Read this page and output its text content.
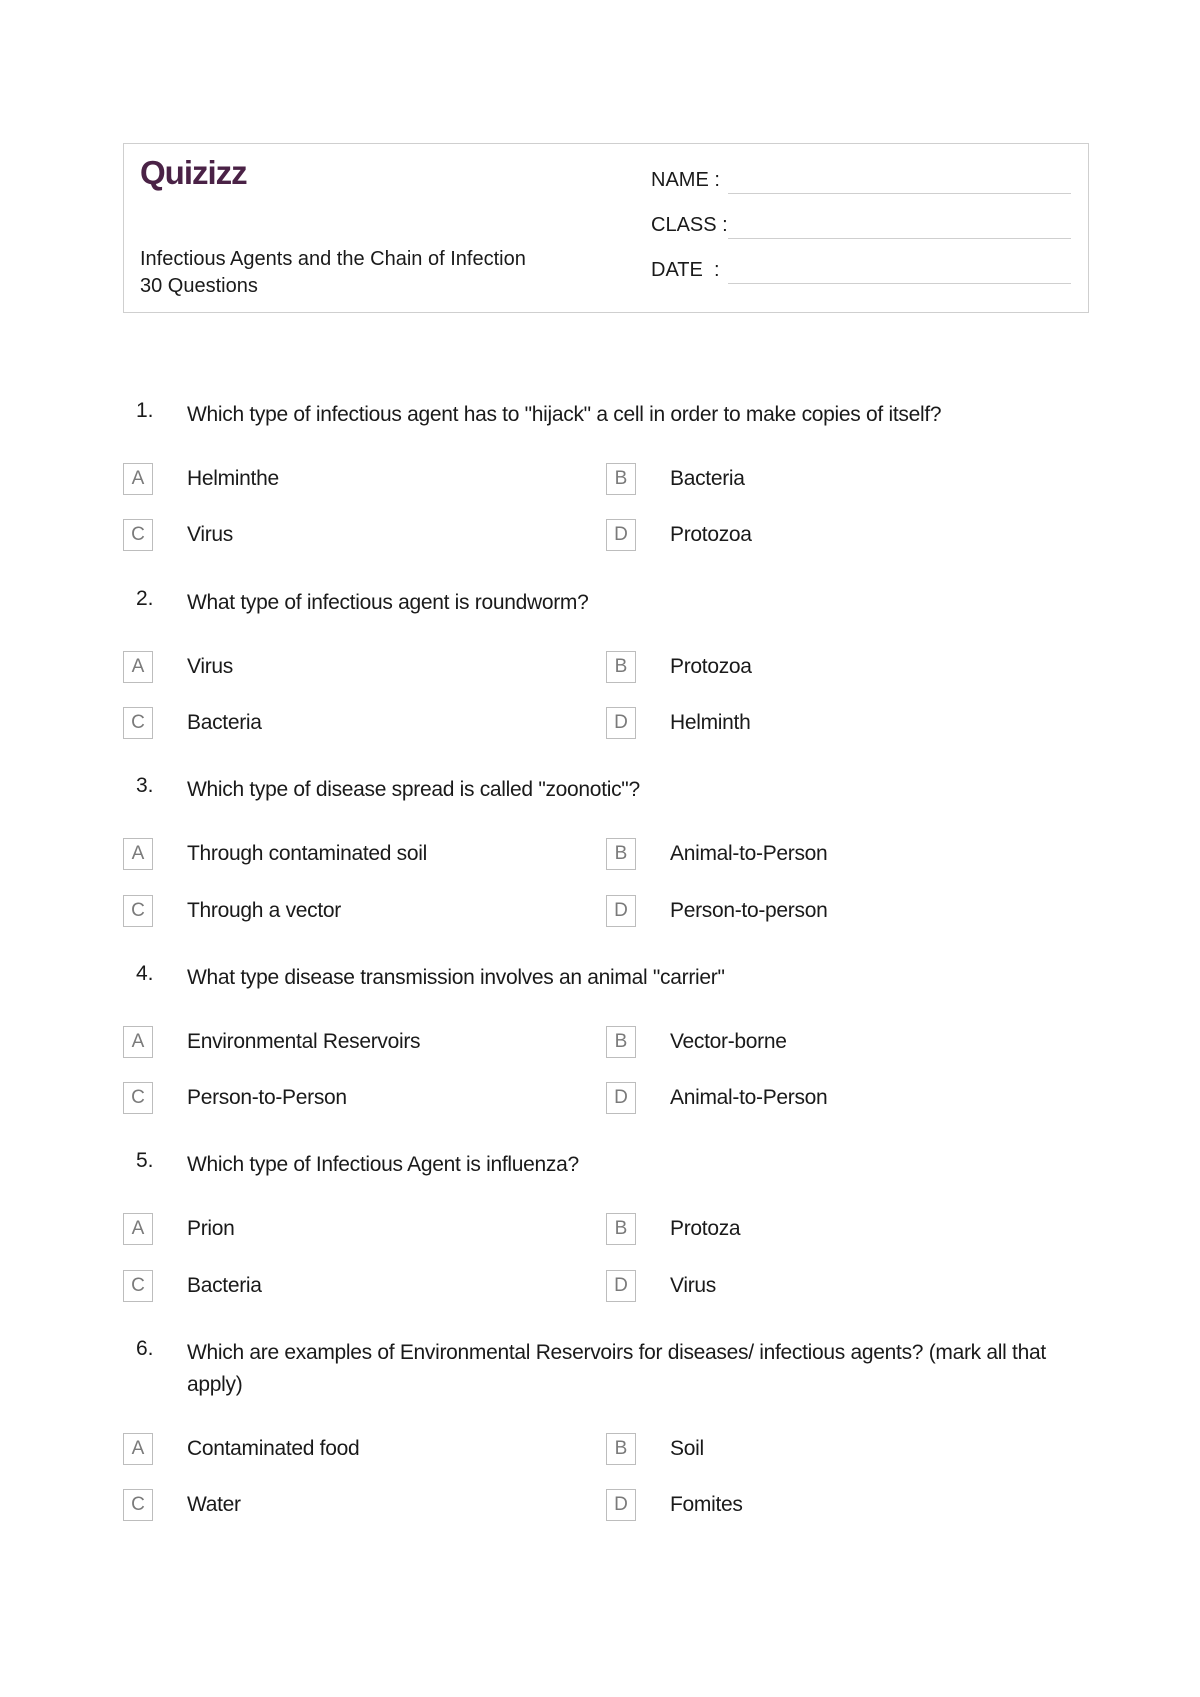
Quizizz
Infectious Agents and the Chain of Infection
30 Questions
NAME :
CLASS :
DATE  :
1. Which type of infectious agent has to "hijack" a cell in order to make copies of itself?
A	Helminthe	B	Bacteria
C	Virus	D	Protozoa
2. What type of infectious agent is roundworm?
A	Virus	B	Protozoa
C	Bacteria	D	Helminth
3. Which type of disease spread is called "zoonotic"?
A	Through contaminated soil	B	Animal-to-Person
C	Through a vector	D	Person-to-person
4. What type disease transmission involves an animal "carrier"
A	Environmental Reservoirs	B	Vector-borne
C	Person-to-Person	D	Animal-to-Person
5. Which type of Infectious Agent is influenza?
A	Prion	B	Protoza
C	Bacteria	D	Virus
6. Which are examples of Environmental Reservoirs for diseases/ infectious agents? (mark all that apply)
A	Contaminated food	B	Soil
C	Water	D	Fomites
